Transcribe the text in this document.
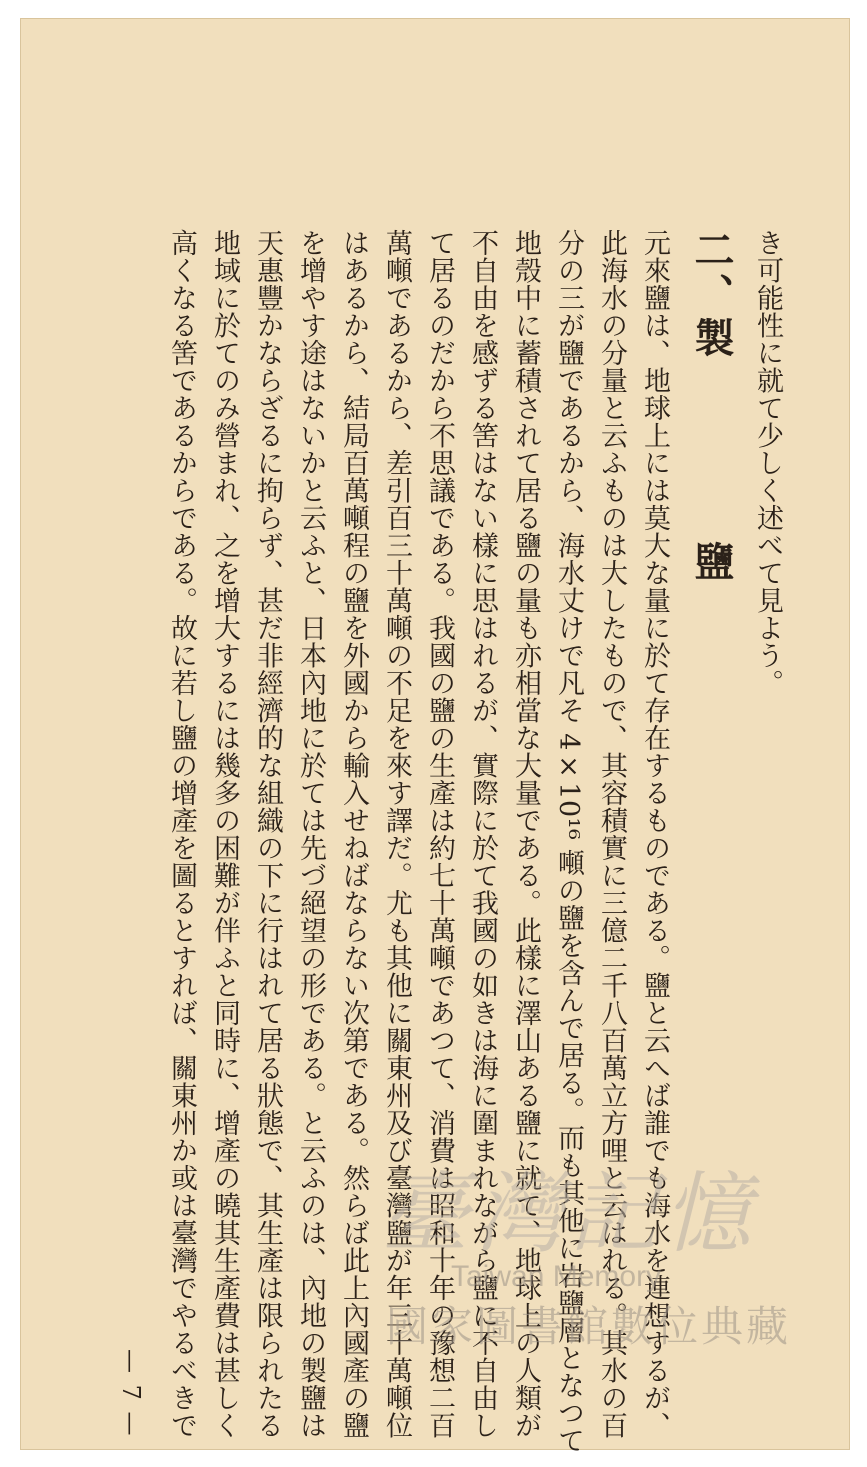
き可能性に就て少しく述べて見よう。
二、製鹽
元來鹽は、地球上には莫大な量に於て存在するものである。鹽と云へば誰でも海水を連想するが、
此海水の分量と云ふものは大したもので、其容積實に三億二千八百萬立方哩と云はれる。其水の百
分の三が鹽であるから、海水丈けで凡そ 4×10¹⁶ 噸の鹽を含んで居る。而も其他に岩鹽層となつて
地殼中に蓄積されて居る鹽の量も亦相當な大量である。此樣に澤山ある鹽に就て、地球上の人類が
不自由を感ずる筈はない樣に思はれるが、實際に於て我國の如きは海に圍まれながら鹽に不自由し
て居るのだから不思議である。我國の鹽の生產は約七十萬噸であつて、消費は昭和十年の豫想二百
萬噸であるから、差引百三十萬噸の不足を來す譯だ。尤も其他に關東州及び臺灣鹽が年三十萬噸位
はあるから、結局百萬噸程の鹽を外國から輸入せねばならない次第である。然らば此上內國產の鹽
を增やす途はないかと云ふと、日本內地に於ては先づ絕望の形である。と云ふのは、內地の製鹽は
天惠豐かならざるに拘らず、甚だ非經濟的な組織の下に行はれて居る狀態で、其生產は限られたる
地域に於てのみ營まれ、之を增大するには幾多の困難が伴ふと同時に、增產の曉其生產費は甚しく
高くなる筈であるからである。故に若し鹽の增產を圖るとすれば、關東州か或は臺灣でやるべきで
— 7 —
臺灣記憶
Taiwan Memory
國家圖書館數位典藏
